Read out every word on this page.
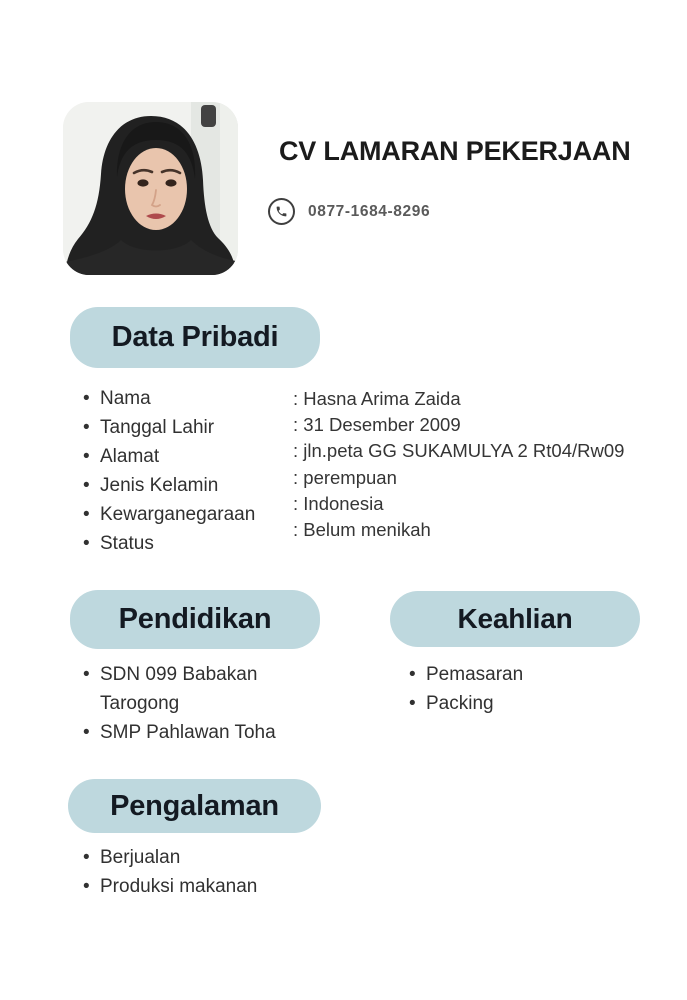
CV LAMARAN PEKERJAAN
0877-1684-8296
Data Pribadi
• Nama
• Tanggal Lahir
• Alamat
• Jenis Kelamin
• Kewarganegaraan
• Status
: Hasna Arima Zaida
: 31 Desember 2009
: jln.peta GG SUKAMULYA 2 Rt04/Rw09
: perempuan
: Indonesia
: Belum menikah
Pendidikan
• SDN 099 Babakan Tarogong
• SMP Pahlawan Toha
Keahlian
• Pemasaran
• Packing
Pengalaman
• Berjualan
• Produksi makanan
